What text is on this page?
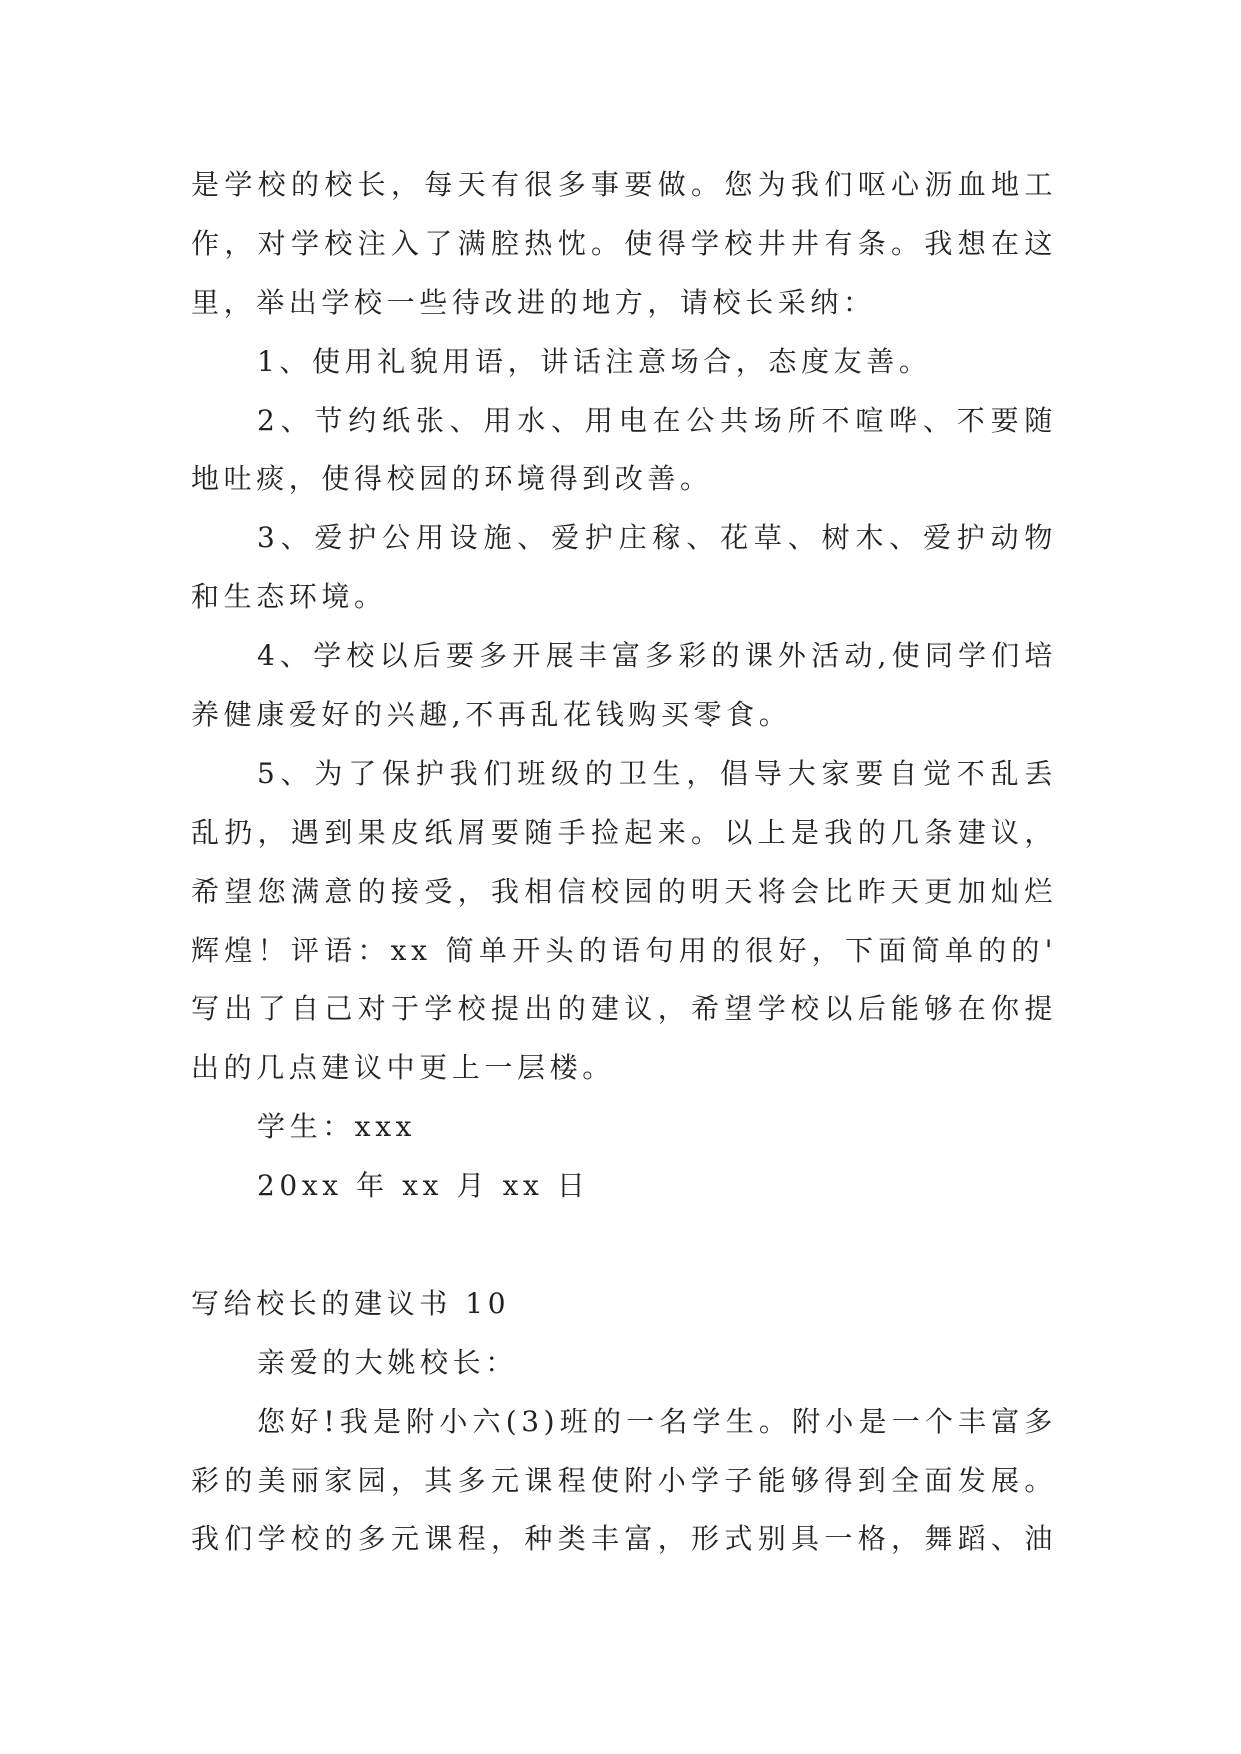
是学校的校长，每天有很多事要做。您为我们呕心沥血地工
作，对学校注入了满腔热忱。使得学校井井有条。我想在这
里，举出学校一些待改进的地方，请校长采纳：
1、使用礼貌用语，讲话注意场合，态度友善。
2、节约纸张、用水、用电在公共场所不喧哗、不要随
地吐痰，使得校园的环境得到改善。
3、爱护公用设施、爱护庄稼、花草、树木、爱护动物
和生态环境。
4、学校以后要多开展丰富多彩的课外活动,使同学们培
养健康爱好的兴趣,不再乱花钱购买零食。
5、为了保护我们班级的卫生，倡导大家要自觉不乱丢
乱扔，遇到果皮纸屑要随手捡起来。以上是我的几条建议，
希望您满意的接受，我相信校园的明天将会比昨天更加灿烂
辉煌！评语：xx 简单开头的语句用的很好，下面简单的的'
写出了自己对于学校提出的建议，希望学校以后能够在你提
出的几点建议中更上一层楼。
学生：xxx
20xx 年 xx 月 xx 日
写给校长的建议书 10
亲爱的大姚校长：
您好!我是附小六(3)班的一名学生。附小是一个丰富多
彩的美丽家园，其多元课程使附小学子能够得到全面发展。
我们学校的多元课程，种类丰富，形式别具一格，舞蹈、油
